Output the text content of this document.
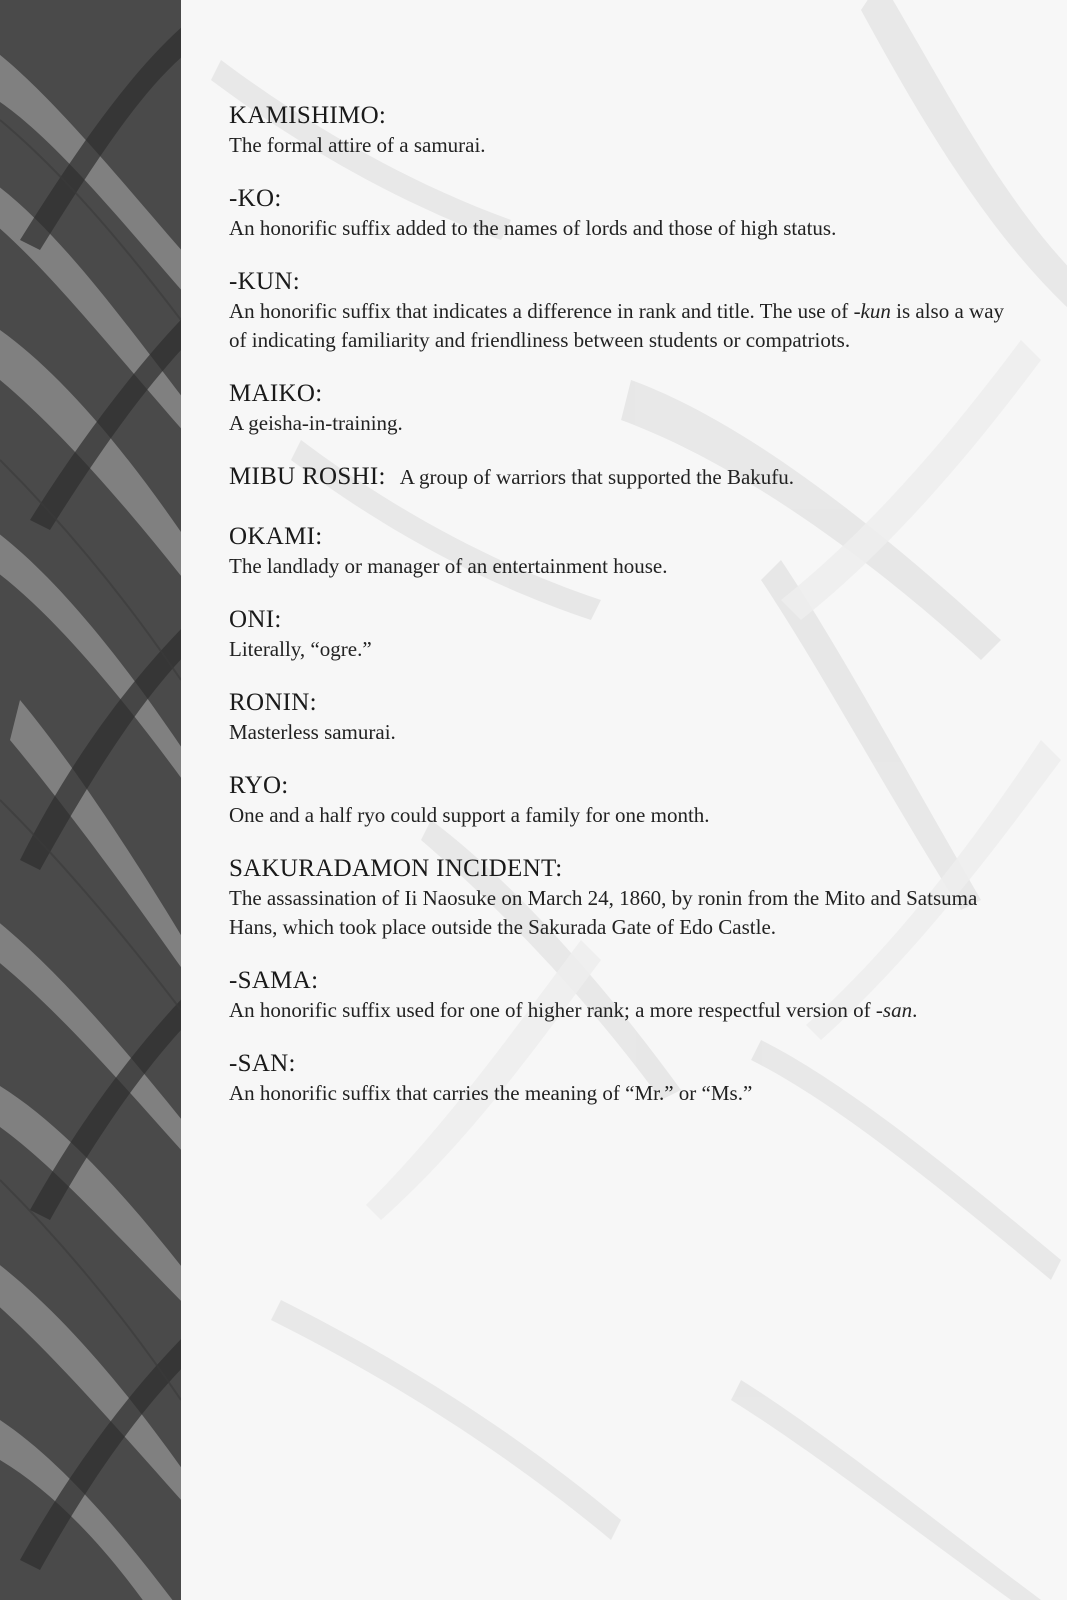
KAMISHIMO:
The formal attire of a samurai.
-KO:
An honorific suffix added to the names of lords and those of high status.
-KUN:
An honorific suffix that indicates a difference in rank and title. The use of -kun is also a way of indicating familiarity and friendliness between students or compatriots.
MAIKO:
A geisha-in-training.
MIBU ROSHI: A group of warriors that supported the Bakufu.
OKAMI:
The landlady or manager of an entertainment house.
ONI:
Literally, “ogre.”
RONIN:
Masterless samurai.
RYO:
One and a half ryo could support a family for one month.
SAKURADAMON INCIDENT:
The assassination of Ii Naosuke on March 24, 1860, by ronin from the Mito and Satsuma Hans, which took place outside the Sakurada Gate of Edo Castle.
-SAMA:
An honorific suffix used for one of higher rank; a more respectful version of -san.
-SAN:
An honorific suffix that carries the meaning of “Mr.” or “Ms.”
